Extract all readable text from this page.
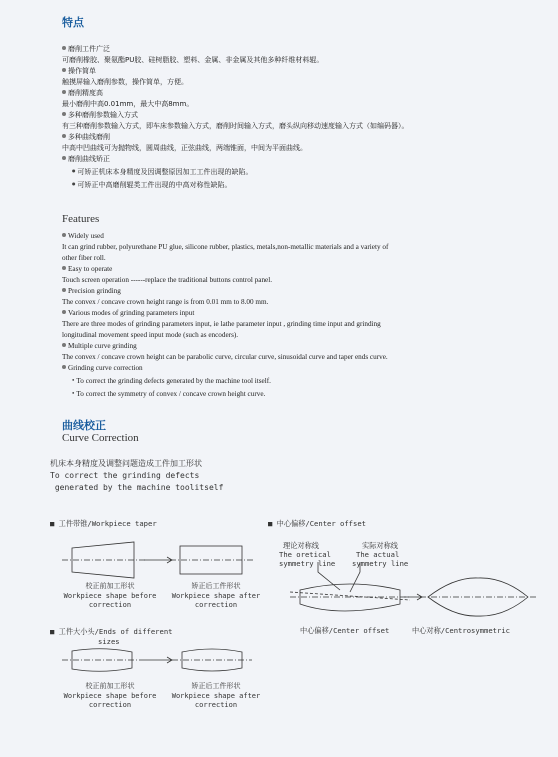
特点
磨削工件广泛
可磨削橡胶、聚氨酯PU胶、硅树脂胶、塑料、金属、非金属及其他多种纤维材料辊。
操作简单
触摸屏输入磨削参数，操作简单，方便。
磨削精度高
最小磨削中高0.01mm，最大中高8mm。
多种磨削参数输入方式
有三种磨削参数输入方式，即车床参数输入方式，磨削时间输入方式，磨头纵向移动速度输入方式（如编码器）。
多种曲线磨削
中高中凹曲线可为抛物线，圆周曲线，正弦曲线，两端锥面，中间为平面曲线。
磨削曲线矫正
● 可矫正机床本身精度及因调整原因加工工件出现的缺陷。
● 可矫正中高磨削辊类工件出现的中高对称性缺陷。
Features
Widely used
It can grind rubber, polyurethane PU glue, silicone rubber, plastics, metals,non-metallic materials and a variety of
other fiber roll.
Easy to operate
Touch screen operation ------replace the traditional buttons control panel.
Precision grinding
The convex / concave crown height range is from 0.01 mm to 8.00 mm.
Various modes of grinding parameters input
There are three modes of grinding parameters input, ie lathe parameter input , grinding time input and grinding
longitudinal movement speed input mode (such as encoders).
Multiple curve grinding
The convex / concave crown height can be parabolic curve, circular curve, sinusoidal curve and taper ends curve.
Grinding curve correction
● To correct the grinding defects generated by the machine tool itself.
● To correct the symmetry of convex / concave crown height curve.
曲线校正
Curve Correction
机床本身精度及调整问题造成工件加工形状
To correct the grinding defects
generated by the machine toolitself
■ 工件带锥/Workpiece taper
校正前加工形状
Workpiece shape before
correction
矫正后工件形状
Workpiece shape after
correction
■ 工件大小头/Ends of different
sizes
校正前加工形状
Workpiece shape before
correction
矫正后工件形状
Workpiece shape after
correction
■ 中心偏移/Center offset
理论对称线
The oretical
symmetry line
实际对称线
The actual
symmetry line
中心偏移/Center offset	中心对称/Centrosymmetric
